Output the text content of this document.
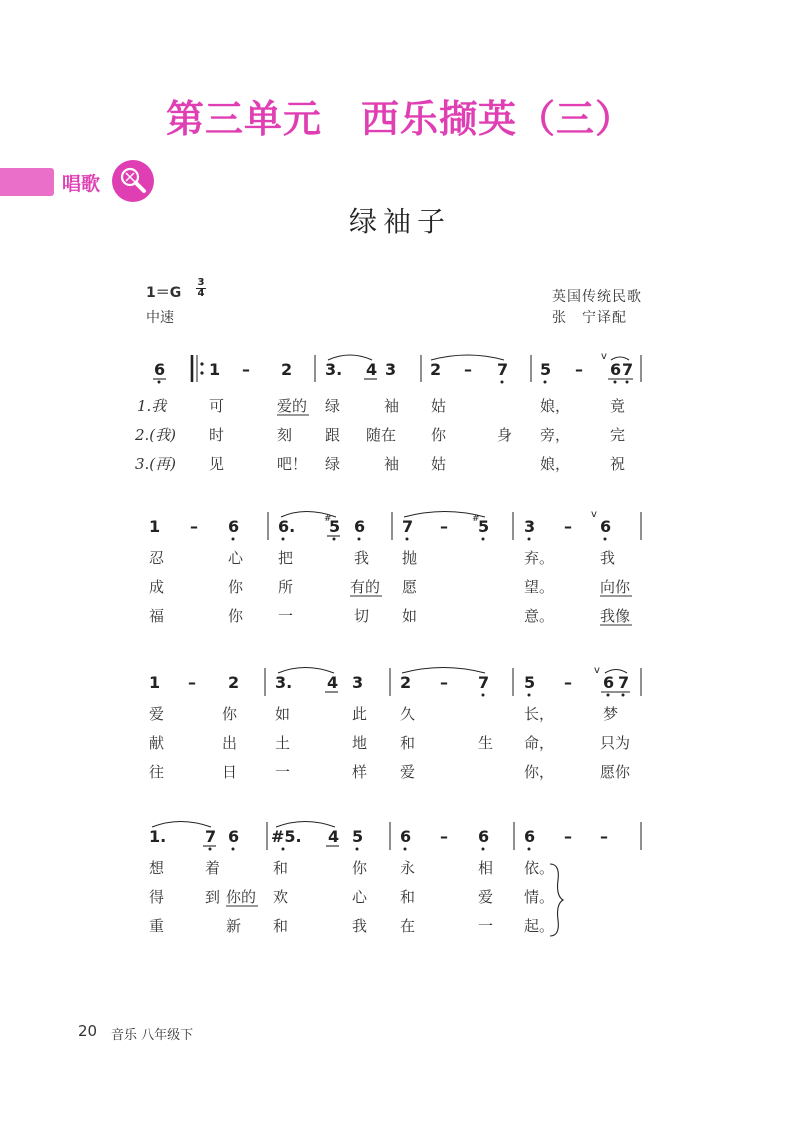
第三单元　西乐撷英（三）
唱歌
绿袖子
1＝G
3
4
中速
英国传统民歌
张　宁译配
6	1 – 2 3. 4 3 2 – 7 5 – 6 7
v
1.我	可	爱的 绿	袖 姑	娘，	竟
2.(我) 时	刻 跟 随在 你	身 旁，	完
3.(再) 见	吧！ 绿	袖 姑	娘，	祝
1 – 6 6. 5 6 7 – 5 3 – 6
#	#	v
忍	心 把	我 抛	弃。	我
成	你 所	有的 愿	望。	向你
福	你 一	切 如	意。	我像
1 – 2 3. 4 3 2 – 7 5 – 6 7
v
爱	你	如	此 久	长，	梦
献	出	土	地 和	生 命，	只为
往	日	一	样 爱	你，	愿你
1. 7 6 #5. 4 5 6 – 6 6 – –
想	着	和	你 永	相 依。
得	到 你的 欢	心 和	爱 情。
重	新 和	我 在	一 起。
20 音乐 八年级下
